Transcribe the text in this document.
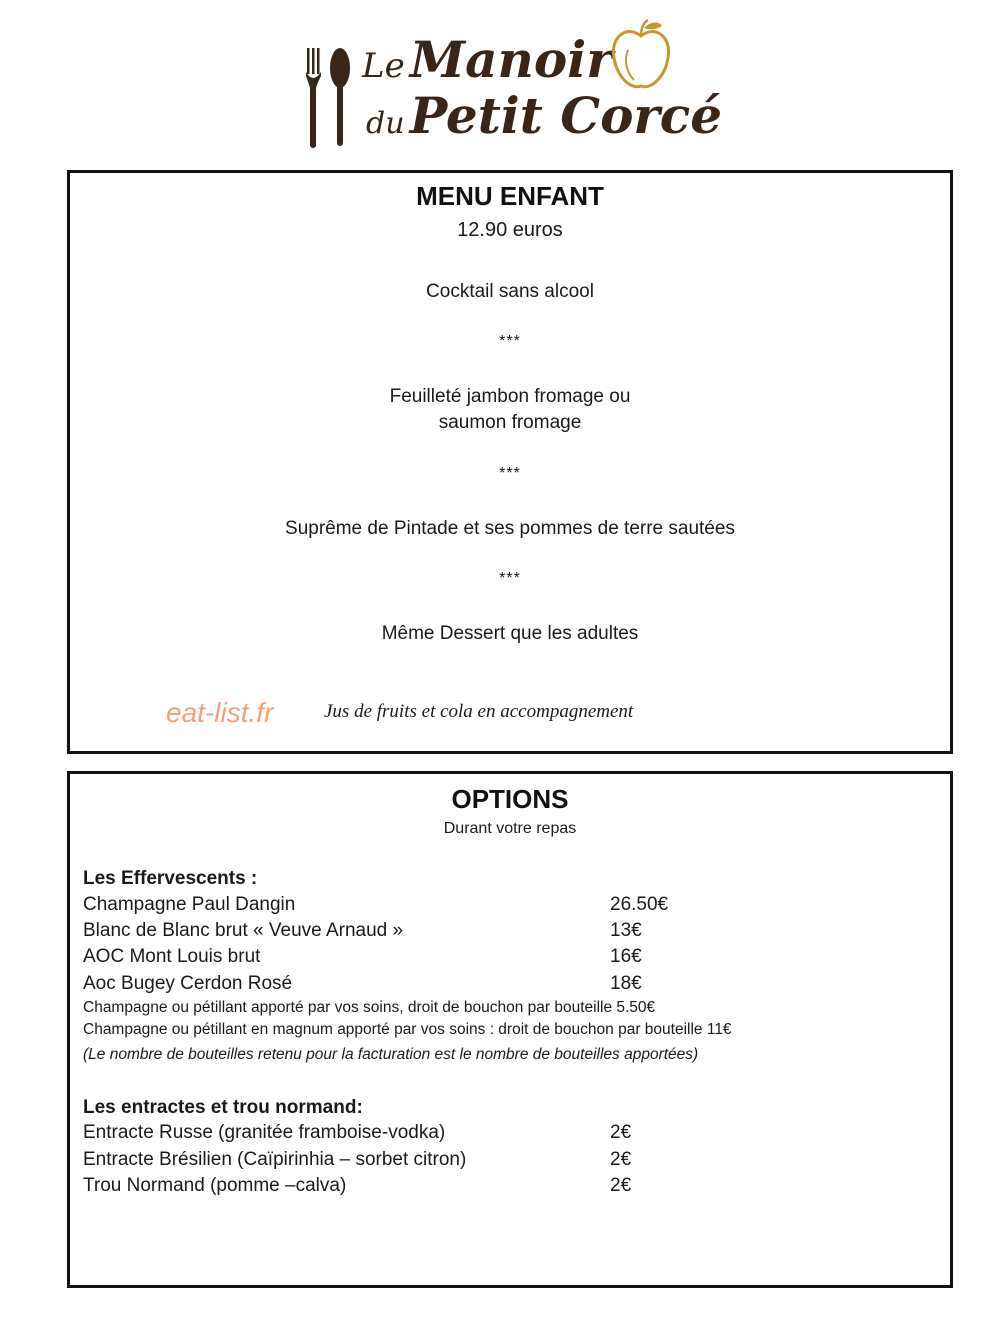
Le Manoir
du Petit Corcé
MENU ENFANT
12.90 euros
Cocktail sans alcool
***
Feuilleté jambon fromage ou
saumon fromage
***
Suprême de Pintade et ses pommes de terre sautées
***
Même Dessert que les adultes
eat-list.fr	Jus de fruits et cola en accompagnement
OPTIONS
Durant votre repas
Les Effervescents :
Champagne Paul Dangin	26.50€
Blanc de Blanc brut « Veuve Arnaud »	13€
AOC Mont Louis brut	16€
Aoc Bugey Cerdon Rosé	18€
Champagne ou pétillant apporté par vos soins, droit de bouchon par bouteille 5.50€
Champagne ou pétillant en magnum apporté par vos soins : droit de bouchon par bouteille 11€
(Le nombre de bouteilles retenu pour la facturation est le nombre de bouteilles apportées)
Les entractes et trou normand:
Entracte Russe (granitée framboise-vodka)	2€
Entracte Brésilien (Caïpirinhia – sorbet citron)	2€
Trou Normand (pomme –calva)	2€
